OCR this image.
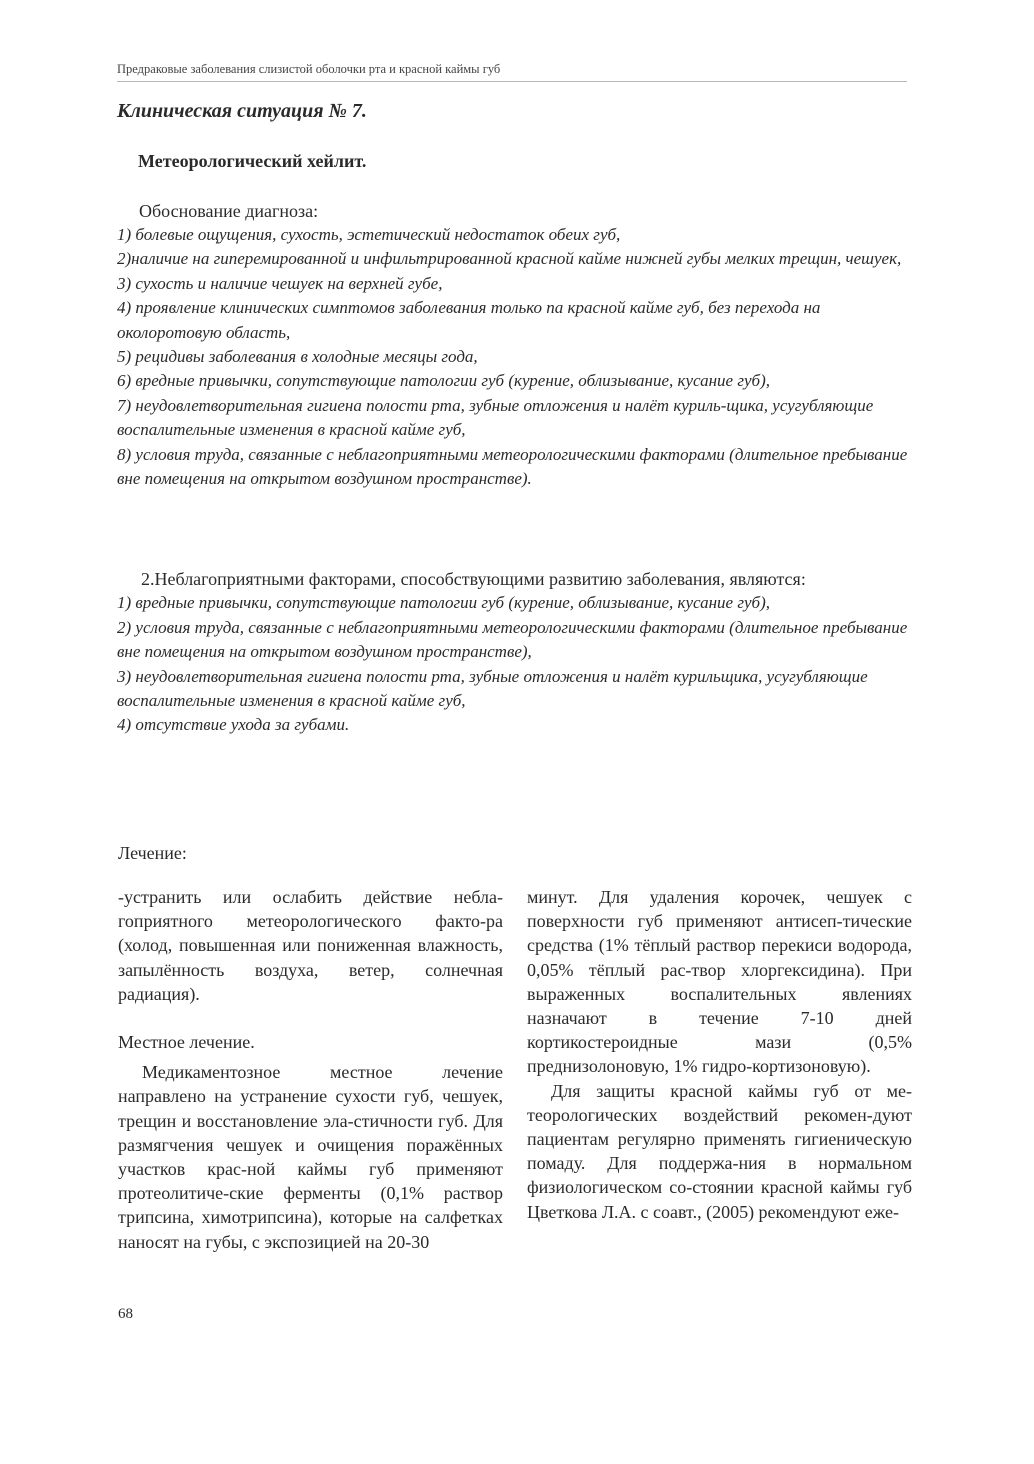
Предраковые заболевания слизистой оболочки рта и красной каймы губ
Клиническая ситуация № 7.
Метеорологический хейлит.
Обоснование диагноза:

1) болевые ощущения, сухость, эстетический недостаток обеих губ,

2)наличие на гиперемированной и инфильтрированной красной кайме нижней губы мелких трещин, чешуек,

3) сухость и наличие чешуек на верхней губе,

4) проявление клинических симптомов заболевания только па красной кайме губ, без перехода на околоротовую область,

5) рецидивы заболевания в холодные месяцы года,

6) вредные привычки, сопутствующие патологии губ (курение, облизывание, кусание губ),

7) неудовлетворительная гигиена полости рта, зубные отложения и налёт куриль-щика, усугубляющие воспалительные изменения в красной кайме губ,

8) условия труда, связанные с неблагоприятными метеорологическими факторами (длительное пребывание вне помещения на открытом воздушном пространстве).

2.Неблагоприятными факторами, способствующими развитию заболевания, являются:

1) вредные привычки, сопутствующие патологии губ (курение, облизывание, кусание губ),

2) условия труда, связанные с неблагоприятными метеорологическими факторами (длительное пребывание вне помещения на открытом воздушном пространстве),

3) неудовлетворительная гигиена полости рта, зубные отложения и налёт курильщика, усугубляющие воспалительные изменения в красной кайме губ,

4) отсутствие ухода за губами.

Лечение:

-устранить или ослабить действие небла-гоприятного метеорологического факто-ра (холод, повышенная или пониженная влажность, запылённость воздуха, ветер, солнечная радиация).

Местное лечение.

Медикаментозное местное лечение направлено на устранение сухости губ, чешуек, трещин и восстановление эла-стичности губ. Для размягчения чешуек и очищения поражённых участков крас-ной каймы губ применяют протеолитиче-ские ферменты (0,1% раствор трипсина, химотрипсина), которые на салфетках наносят на губы, с экспозицией на 20-30

минут. Для удаления корочек, чешуек с поверхности губ применяют антисеп-тические средства (1% тёплый раствор перекиси водорода, 0,05% тёплый рас-твор хлоргексидина). При выраженных воспалительных явлениях назначают в течение 7-10 дней кортикостероидные мази (0,5% преднизолоновую, 1% гидро-кортизоновую).

Для защиты красной каймы губ от ме-теорологических воздействий рекомен-дуют пациентам регулярно применять гигиеническую помаду. Для поддержа-ния в нормальном физиологическом со-стоянии красной каймы губ Цветкова Л.А. с соавт., (2005) рекомендуют еже-

68
